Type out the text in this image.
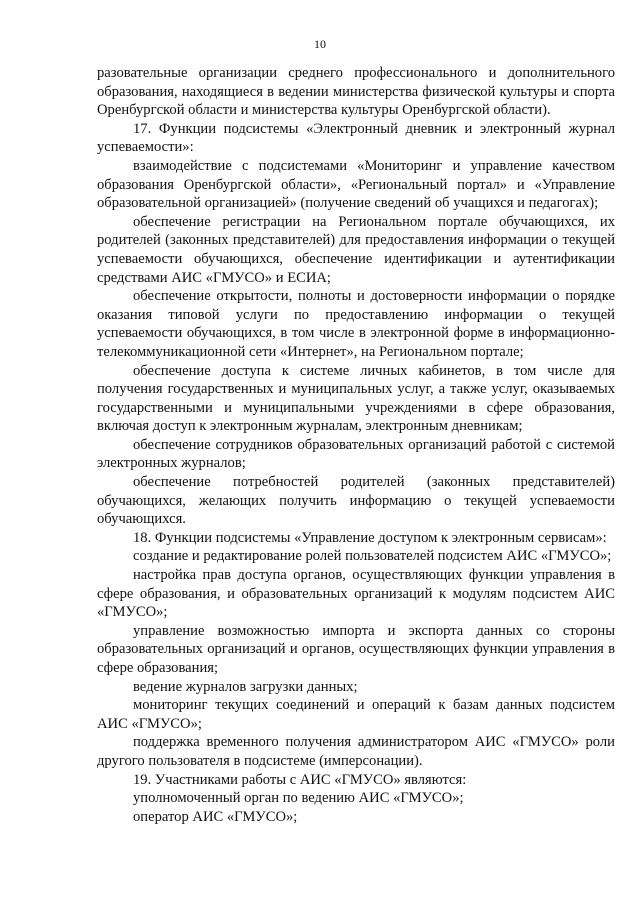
10

разовательные организации среднего профессионального и дополнительного образования, находящиеся в ведении министерства физической культуры и спорта Оренбургской области и министерства культуры Оренбургской области).

17. Функции подсистемы «Электронный дневник и электронный журнал успеваемости»:

взаимодействие с подсистемами «Мониторинг и управление качеством образования Оренбургской области», «Региональный портал» и «Управление образовательной организацией» (получение сведений об учащихся и педагогах);

обеспечение регистрации на Региональном портале обучающихся, их родителей (законных представителей) для предоставления информации о текущей успеваемости обучающихся, обеспечение идентификации и аутентификации средствами АИС «ГМУСО» и ЕСИА;

обеспечение открытости, полноты и достоверности информации о порядке оказания типовой услуги по предоставлению информации о текущей успеваемости обучающихся, в том числе в электронной форме в информационно-телекоммуникационной сети «Интернет», на Региональном портале;

обеспечение доступа к системе личных кабинетов, в том числе для получения государственных и муниципальных услуг, а также услуг, оказываемых государственными и муниципальными учреждениями в сфере образования, включая доступ к электронным журналам, электронным дневникам;

обеспечение сотрудников образовательных организаций работой с системой электронных журналов;

обеспечение потребностей родителей (законных представителей) обучающихся, желающих получить информацию о текущей успеваемости обучающихся.

18. Функции подсистемы «Управление доступом к электронным сервисам»:

создание и редактирование ролей пользователей подсистем АИС «ГМУСО»;

настройка прав доступа органов, осуществляющих функции управления в сфере образования, и образовательных организаций к модулям подсистем АИС «ГМУСО»;

управление возможностью импорта и экспорта данных со стороны образовательных организаций и органов, осуществляющих функции управления в сфере образования;

ведение журналов загрузки данных;

мониторинг текущих соединений и операций к базам данных подсистем АИС «ГМУСО»;

поддержка временного получения администратором АИС «ГМУСО» роли другого пользователя в подсистеме (имперсонации).

19. Участниками работы с АИС «ГМУСО» являются:

уполномоченный орган по ведению АИС «ГМУСО»;

оператор АИС «ГМУСО»;
